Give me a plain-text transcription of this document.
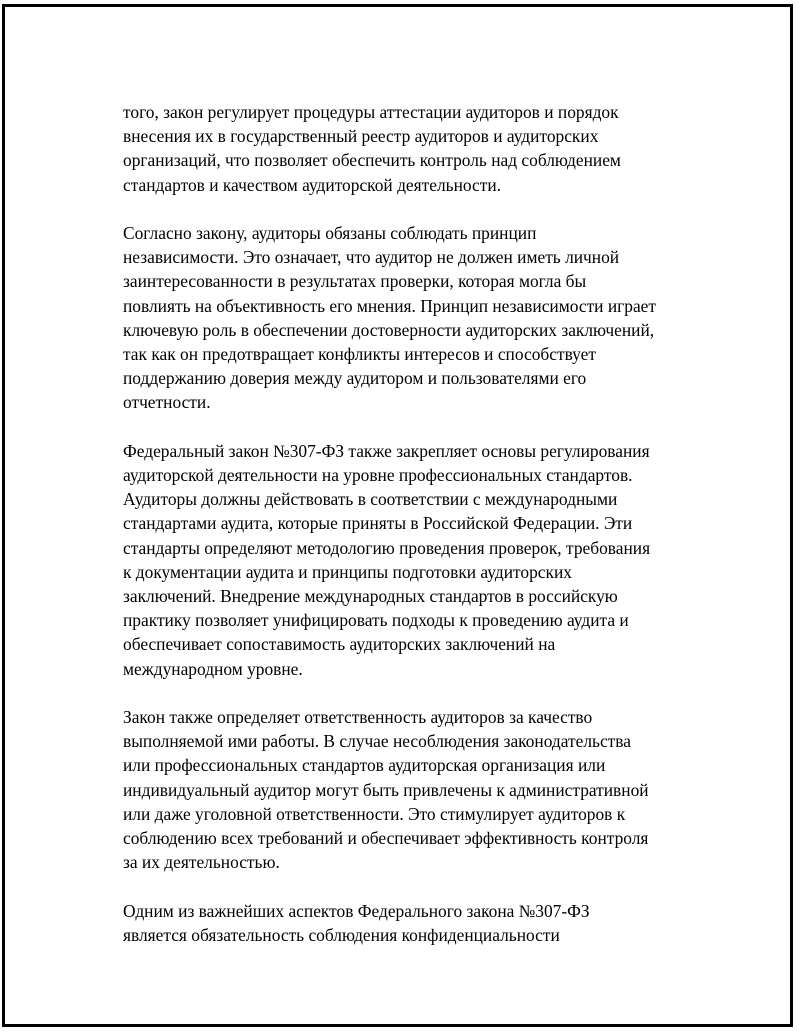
того, закон регулирует процедуры аттестации аудиторов и порядок
внесения их в государственный реестр аудиторов и аудиторских
организаций, что позволяет обеспечить контроль над соблюдением
стандартов и качеством аудиторской деятельности.

Согласно закону, аудиторы обязаны соблюдать принцип
независимости. Это означает, что аудитор не должен иметь личной
заинтересованности в результатах проверки, которая могла бы
повлиять на объективность его мнения. Принцип независимости играет
ключевую роль в обеспечении достоверности аудиторских заключений,
так как он предотвращает конфликты интересов и способствует
поддержанию доверия между аудитором и пользователями его
отчетности.

Федеральный закон №307-ФЗ также закрепляет основы регулирования
аудиторской деятельности на уровне профессиональных стандартов.
Аудиторы должны действовать в соответствии с международными
стандартами аудита, которые приняты в Российской Федерации. Эти
стандарты определяют методологию проведения проверок, требования
к документации аудита и принципы подготовки аудиторских
заключений. Внедрение международных стандартов в российскую
практику позволяет унифицировать подходы к проведению аудита и
обеспечивает сопоставимость аудиторских заключений на
международном уровне.

Закон также определяет ответственность аудиторов за качество
выполняемой ими работы. В случае несоблюдения законодательства
или профессиональных стандартов аудиторская организация или
индивидуальный аудитор могут быть привлечены к административной
или даже уголовной ответственности. Это стимулирует аудиторов к
соблюдению всех требований и обеспечивает эффективность контроля
за их деятельностью.

Одним из важнейших аспектов Федерального закона №307-ФЗ
является обязательность соблюдения конфиденциальности
